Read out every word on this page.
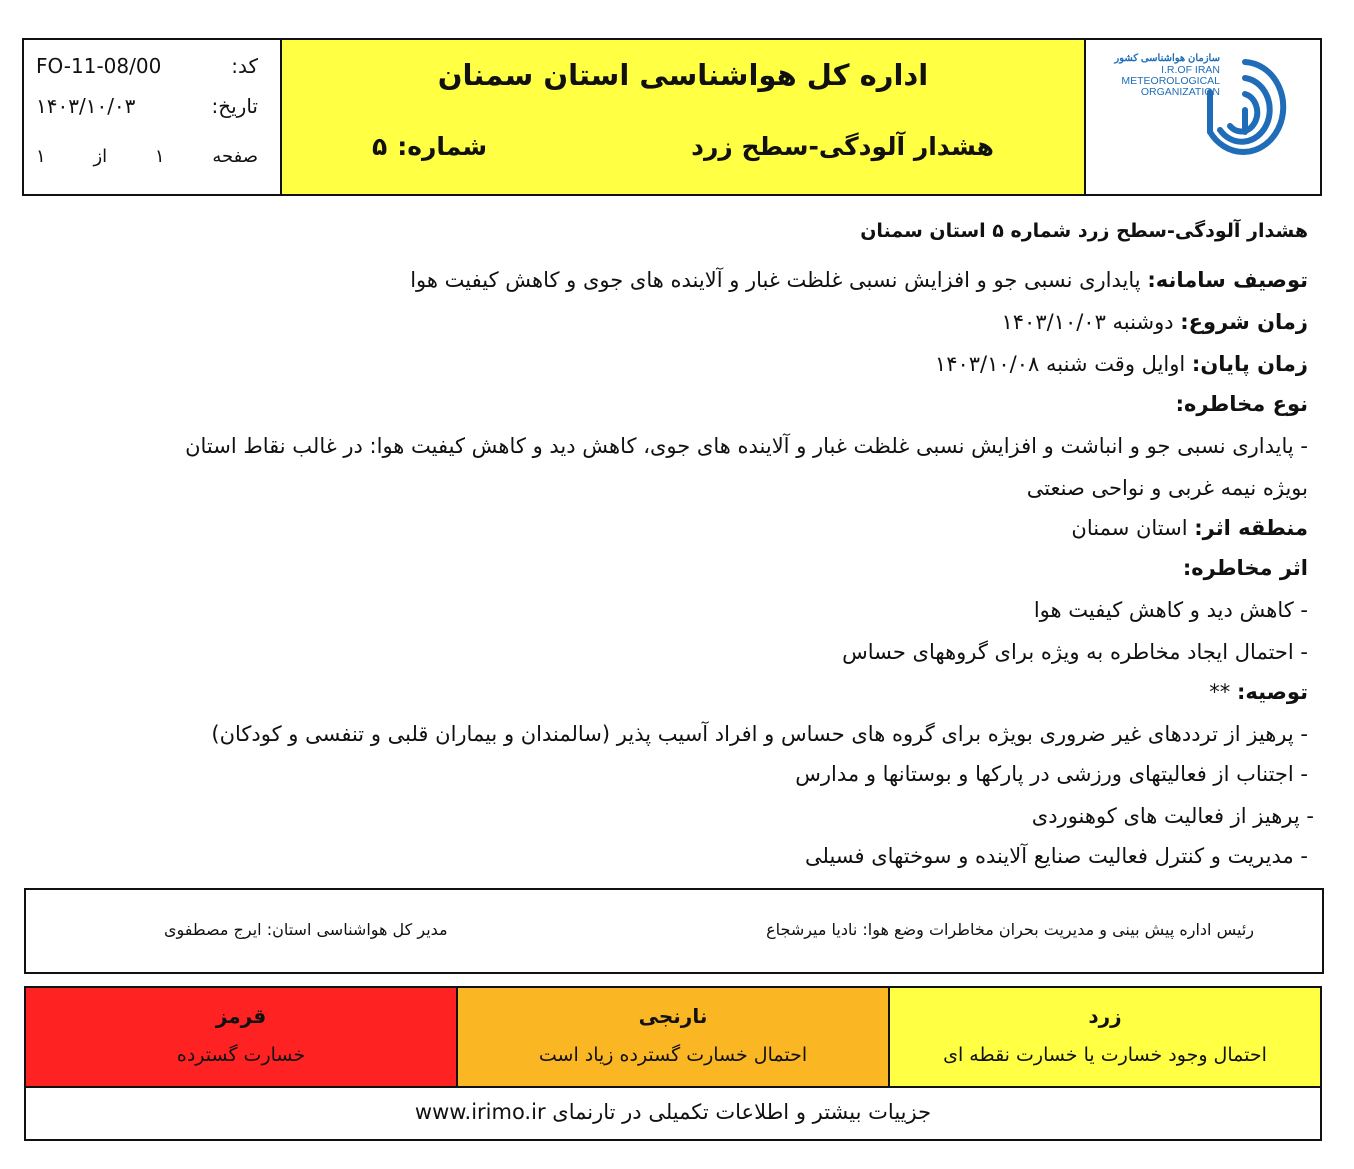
کد:
FO-11-08/00
تاریخ:
۱۴۰۳/۱۰/۰۳
صفحه
۱
از
۱
اداره کل هواشناسی استان سمنان
هشدار آلودگی-سطح زرد
شماره:
۵
سازمان هواشناسی کشور
I.R.OF IRAN
METEOROLOGICAL
ORGANIZATION
هشدار آلودگی-سطح زرد شماره ۵ استان سمنان
توصیف سامانه: پایداری نسبی جو و افزایش نسبی غلظت غبار و آلاینده های جوی و کاهش کیفیت هوا
زمان شروع: دوشنبه ۱۴۰۳/۱۰/۰۳
زمان پایان: اوایل وقت شنبه ۱۴۰۳/۱۰/۰۸
نوع مخاطره:
- پایداری نسبی جو و انباشت و افزایش نسبی غلظت غبار و آلاینده های جوی، کاهش دید و کاهش کیفیت هوا: در غالب نقاط استان
بویژه نیمه غربی و نواحی صنعتی
منطقه اثر: استان سمنان
اثر مخاطره:
- کاهش دید و کاهش کیفیت هوا
- احتمال ایجاد مخاطره به ویژه برای گروههای حساس
توصیه: **
- پرهیز از ترددهای غیر ضروری بویژه برای گروه های حساس و افراد آسیب پذیر (سالمندان و بیماران قلبی و تنفسی و کودکان)
- اجتناب از فعالیتهای ورزشی در پارکها و بوستانها و مدارس
- پرهیز از فعالیت های کوهنوردی
- مدیریت و کنترل فعالیت صنایع آلاینده و سوختهای فسیلی
رئیس اداره پیش بینی و مدیریت بحران مخاطرات وضع هوا: نادیا میرشجاع
مدیر کل هواشناسی استان: ایرج مصطفوی
زرد
احتمال وجود خسارت یا خسارت نقطه ای
نارنجی
احتمال خسارت گسترده زیاد است
قرمز
خسارت گسترده
جزییات بیشتر و اطلاعات تکمیلی در تارنمای www.irimo.ir
